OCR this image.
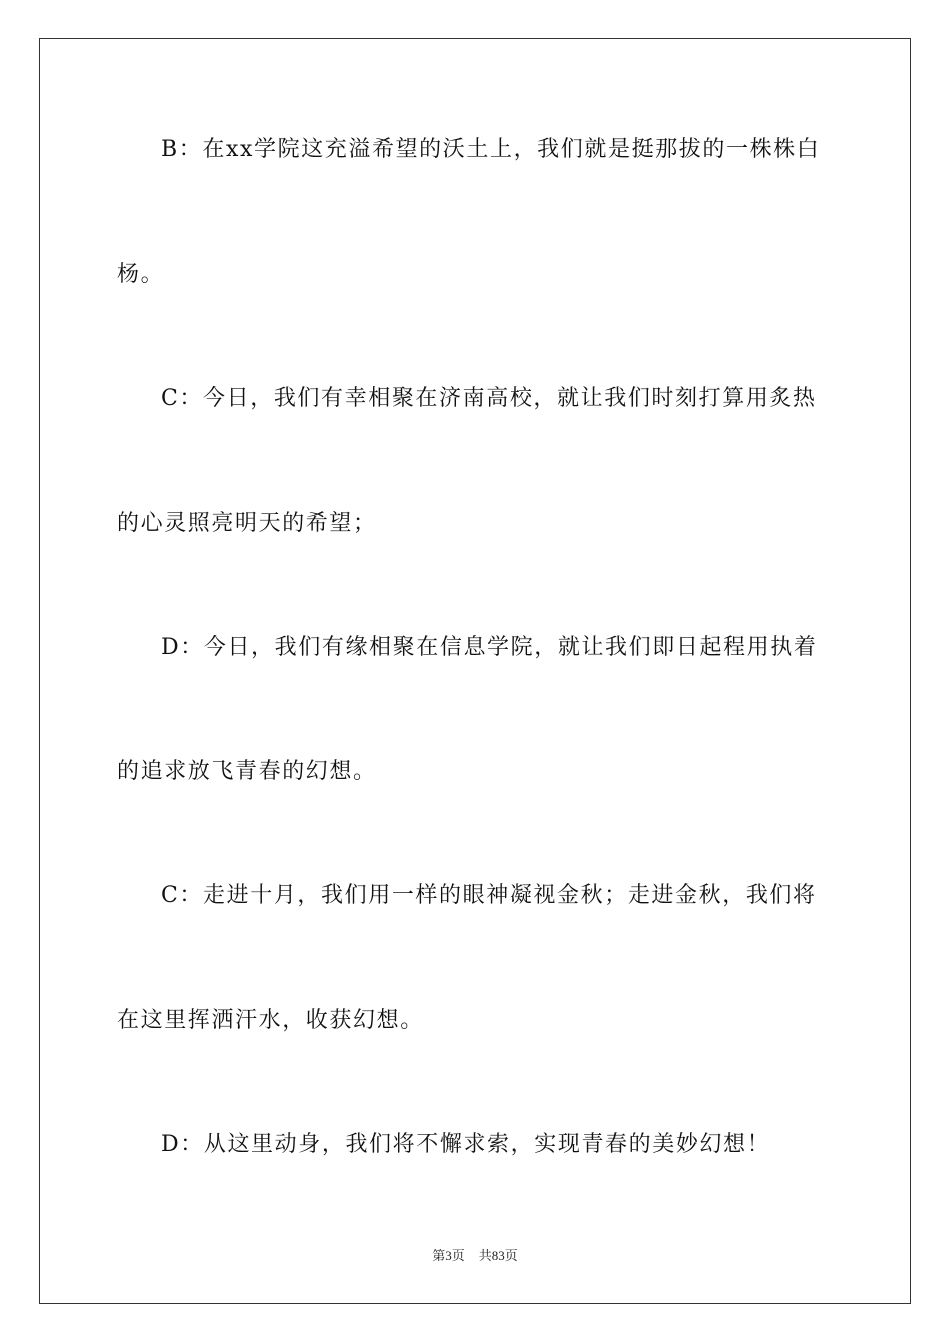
B：在xx学院这充溢希望的沃土上，我们就是挺那拔的一株株白
杨。
C：今日，我们有幸相聚在济南高校，就让我们时刻打算用炙热
的心灵照亮明天的希望；
D：今日，我们有缘相聚在信息学院，就让我们即日起程用执着
的追求放飞青春的幻想。
C：走进十月，我们用一样的眼神凝视金秋；走进金秋，我们将
在这里挥洒汗水，收获幻想。
D：从这里动身，我们将不懈求索，实现青春的美妙幻想！
第3页 共83页
